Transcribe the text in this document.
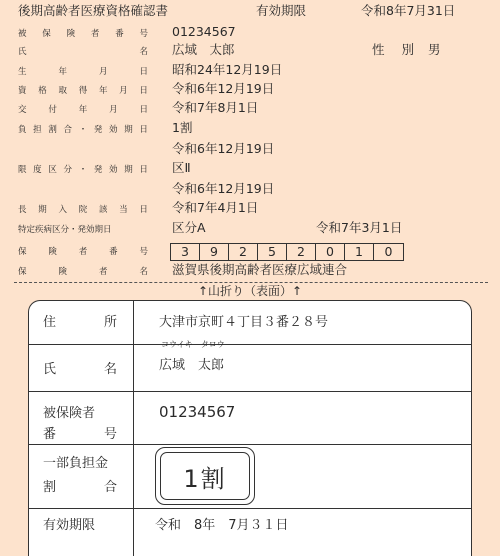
後期高齢者医療資格確認書	有効期限	令和8年7月31日
被 保 険 者 番 号 01234567
氏	名 広域　太郎	性 別 男
生	年	月	日 昭和24年12月19日
資 格 取 得 年 月 日 令和6年12月19日
交	付	年	月	日 令和7年8月1日
負 担 割 合 ・ 発 効 期 日 1割
令和6年12月19日
限 度 区 分 ・ 発 効 期 日 区Ⅱ
令和6年12月19日
長 期 入 院 該 当 日 令和7年4月1日
特定疾病区分・発効期日	区分A	令和7年3月1日
保	険	者	番	号	3	9	2	5	2	0	1	0
保	険	者	名 滋賀県後期高齢者医療広域連合
↑山折り（表面）↑
住	所	大津市京町４丁目３番２８号
氏	名
コウイキ　タロウ
広域　太郎
被保険者
番	号
01234567
一部負担金
割	合	1割
有効期限	令和　8年　7月３１日
